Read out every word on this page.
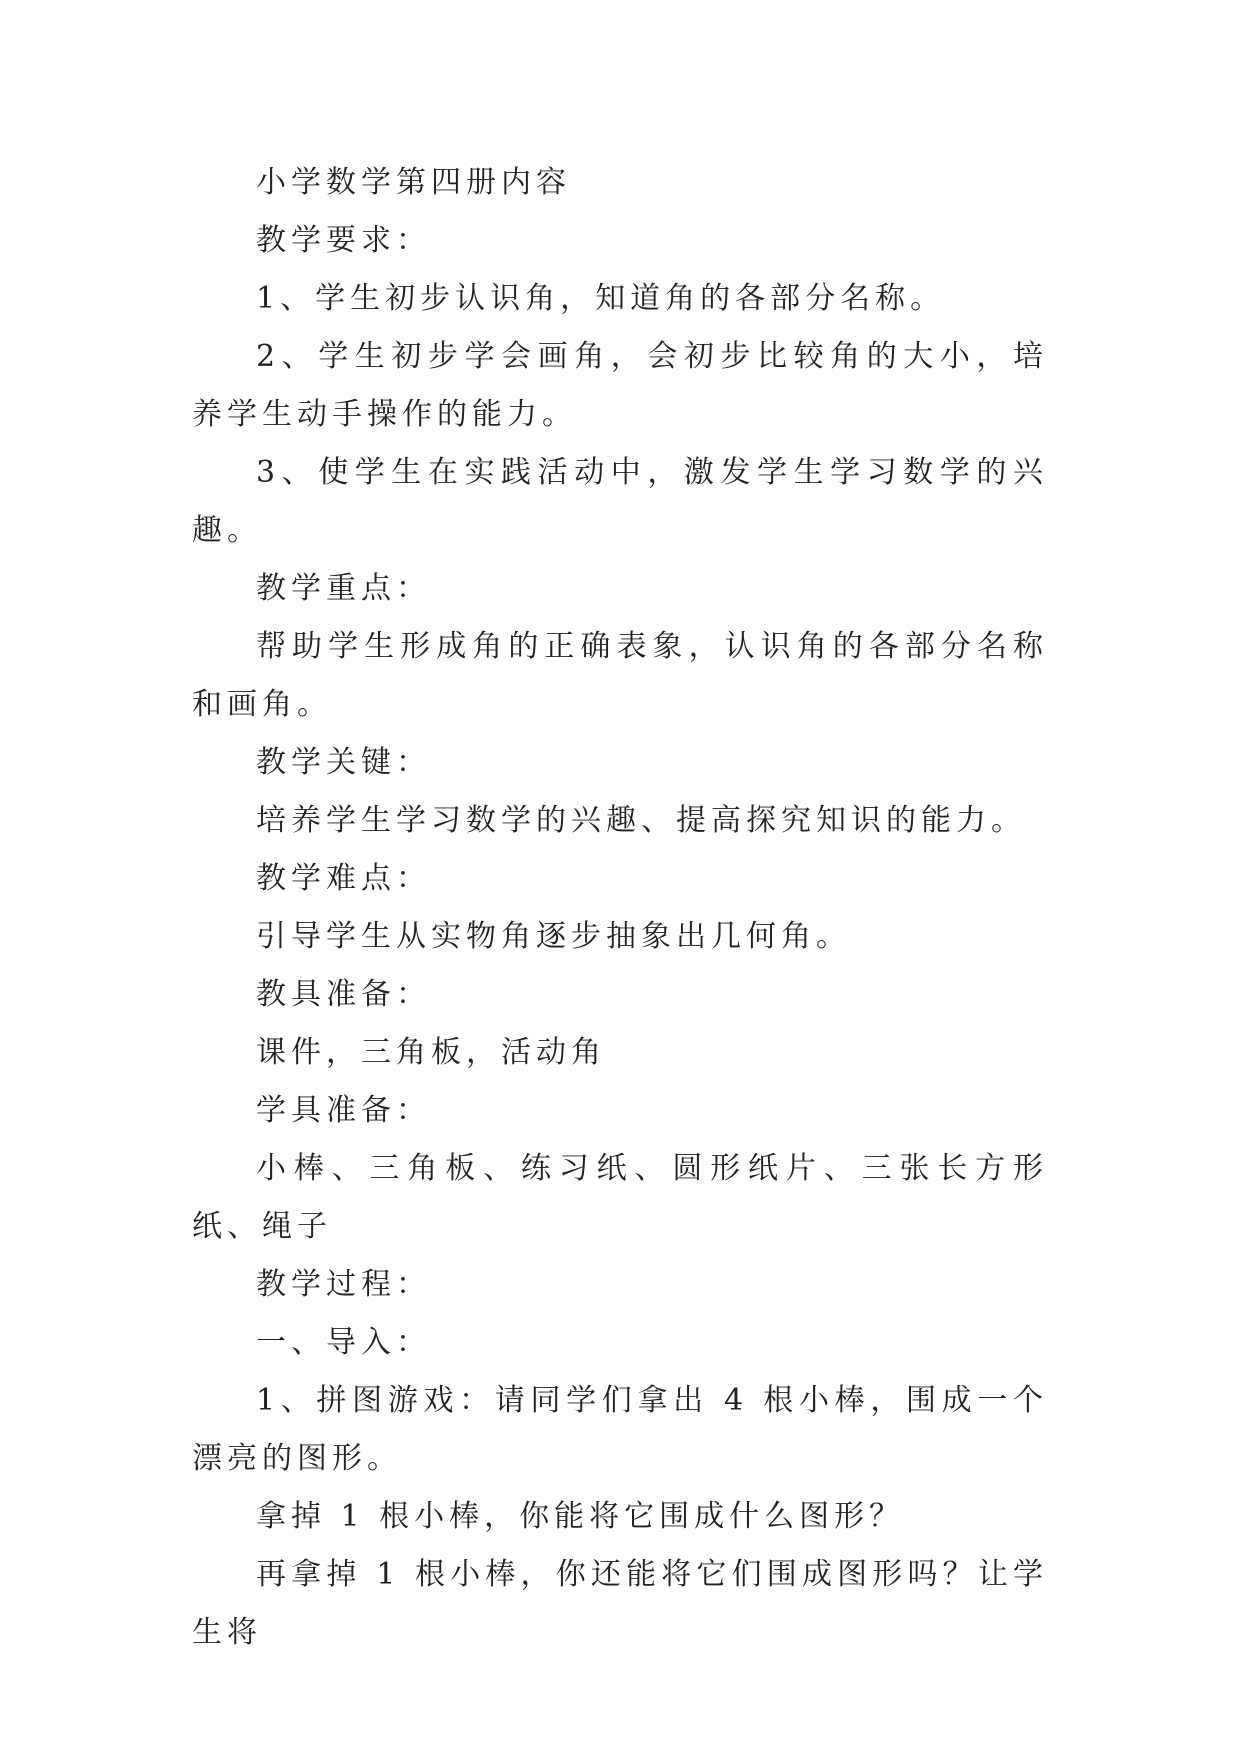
小学数学第四册内容

教学要求：

1、学生初步认识角，知道角的各部分名称。

2、学生初步学会画角，会初步比较角的大小，培养学生动手操作的能力。

3、使学生在实践活动中，激发学生学习数学的兴趣。

教学重点：

帮助学生形成角的正确表象，认识角的各部分名称和画角。

教学关键：

培养学生学习数学的兴趣、提高探究知识的能力。

教学难点：

引导学生从实物角逐步抽象出几何角。

教具准备：

课件，三角板，活动角

学具准备：

小棒、三角板、练习纸、圆形纸片、三张长方形纸、绳子

教学过程：

一、导入：

1、拼图游戏：请同学们拿出 4 根小棒，围成一个漂亮的图形。

拿掉 1 根小棒，你能将它围成什么图形？

再拿掉 1 根小棒，你还能将它们围成图形吗？让学生将
